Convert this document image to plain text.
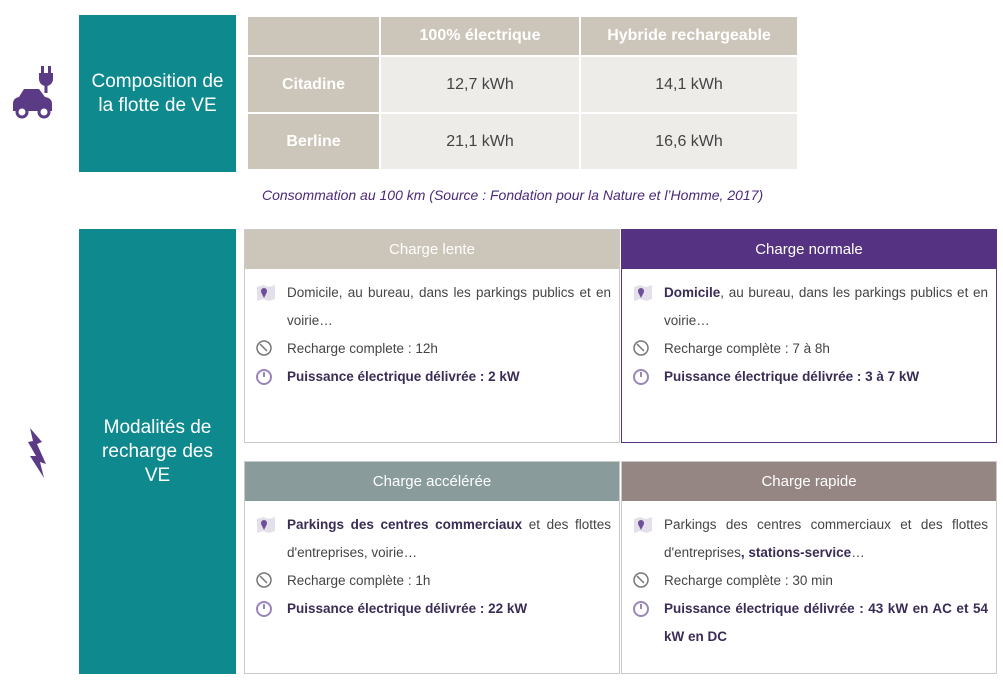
Composition de la flotte de VE
	100% électrique	Hybride rechargeable
Citadine	12,7 kWh	14,1 kWh
Berline	21,1 kWh	16,6 kWh
Consommation au 100 km (Source : Fondation pour la Nature et l’Homme, 2017)
Modalités de recharge des VE
Charge lente
Domicile, au bureau, dans les parkings publics et en voirie…
Recharge complete : 12h
Puissance électrique délivrée : 2 kW
Charge normale
Domicile, au bureau, dans les parkings publics et en voirie…
Recharge complète : 7 à 8h
Puissance électrique délivrée : 3 à 7 kW
Charge accélérée
Parkings des centres commerciaux et des flottes d'entreprises, voirie…
Recharge complète : 1h
Puissance électrique délivrée : 22 kW
Charge rapide
Parkings des centres commerciaux et des flottes d'entreprises, stations-service…
Recharge complète : 30 min
Puissance électrique délivrée : 43 kW en AC et 54 kW en DC
